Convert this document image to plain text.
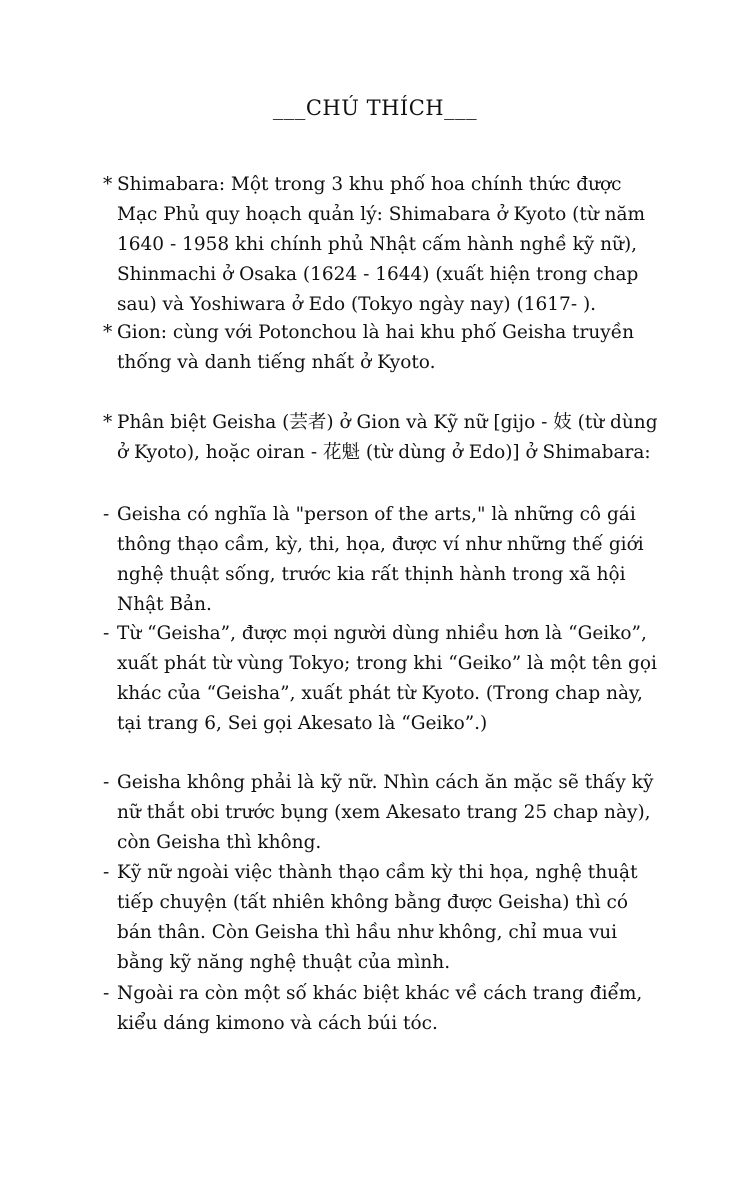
___CHÚ THÍCH___
* Shimabara: Một trong 3 khu phố hoa chính thức được Mạc Phủ quy hoạch quản lý: Shimabara ở Kyoto (từ năm 1640 - 1958 khi chính phủ Nhật cấm hành nghề kỹ nữ), Shinmachi ở Osaka (1624 - 1644) (xuất hiện trong chap sau) và Yoshiwara ở Edo (Tokyo ngày nay) (1617- ).
* Gion: cùng với Potonchou là hai khu phố Geisha truyền thống và danh tiếng nhất ở Kyoto.
* Phân biệt Geisha (芸者) ở Gion và Kỹ nữ [gijo - 妓 (từ dùng ở Kyoto), hoặc oiran - 花魁 (từ dùng ở Edo)] ở Shimabara:
- Geisha có nghĩa là "person of the arts," là những cô gái thông thạo cầm, kỳ, thi, họa, được ví như những thế giới nghệ thuật sống, trước kia rất thịnh hành trong xã hội Nhật Bản.
- Từ “Geisha”, được mọi người dùng nhiều hơn là “Geiko”, xuất phát từ vùng Tokyo; trong khi “Geiko” là một tên gọi khác của “Geisha”, xuất phát từ Kyoto. (Trong chap này, tại trang 6, Sei gọi Akesato là “Geiko”.)
- Geisha không phải là kỹ nữ. Nhìn cách ăn mặc sẽ thấy kỹ nữ thắt obi trước bụng (xem Akesato trang 25 chap này), còn Geisha thì không.
- Kỹ nữ ngoài việc thành thạo cầm kỳ thi họa, nghệ thuật tiếp chuyện (tất nhiên không bằng được Geisha) thì có bán thân. Còn Geisha thì hầu như không, chỉ mua vui bằng kỹ năng nghệ thuật của mình.
- Ngoài ra còn một số khác biệt khác về cách trang điểm, kiểu dáng kimono và cách búi tóc.
